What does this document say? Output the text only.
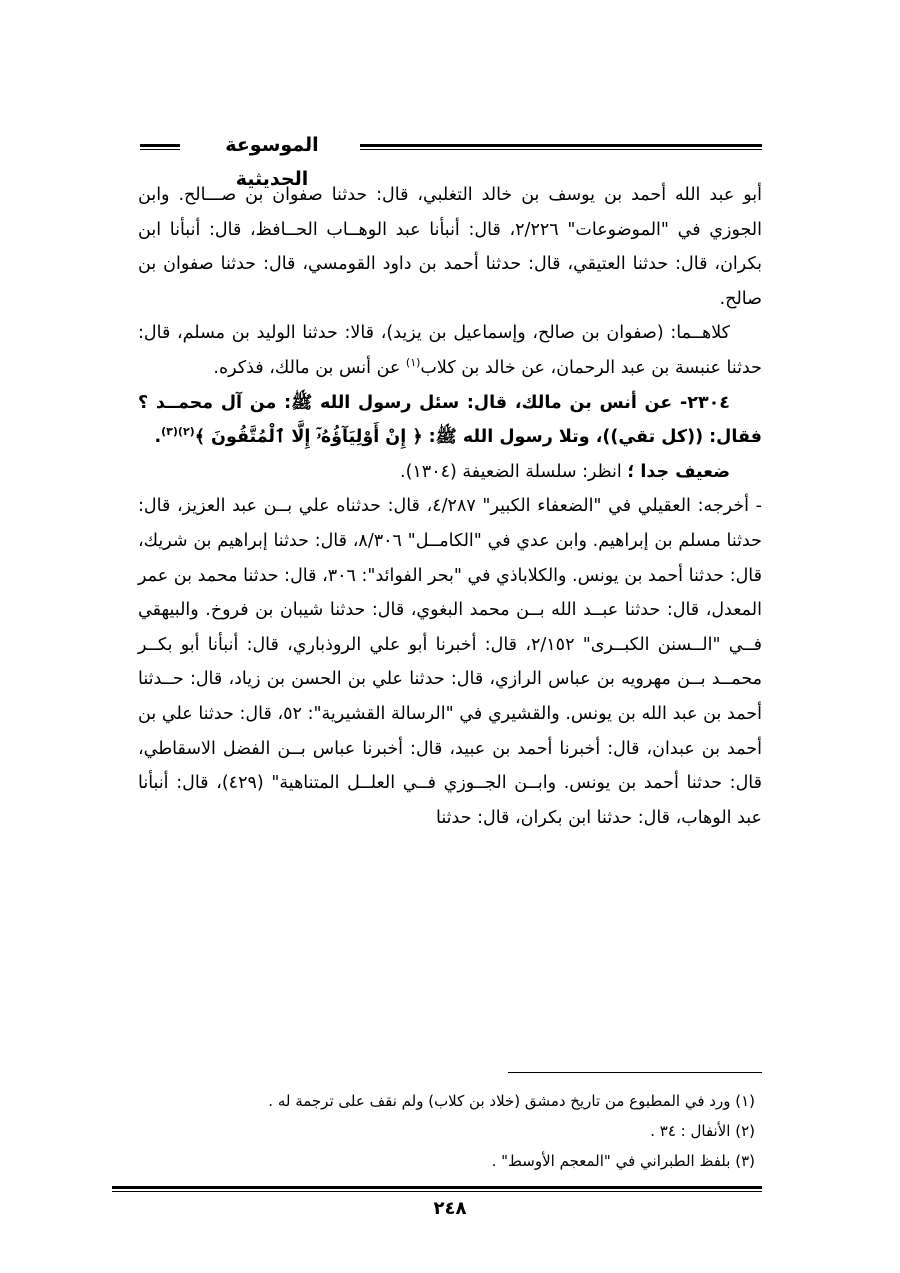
الموسوعة الحديثية

أبو عبد الله أحمد بن يوسف بن خالد التغلبي، قال: حدثنا صفوان بن صـــالح. وابن الجوزي في "الموضوعات" ٢/٢٢٦، قال: أنبأنا عبد الوهــاب الحــافظ، قال: أنبأنا ابن بكران، قال: حدثنا العتيقي، قال: حدثنا أحمد بن داود القومسي، قال: حدثنا صفوان بن صالح.

كلاهــما: (صفوان بن صالح، وإسماعيل بن يزيد)، قالا: حدثنا الوليد بن مسلم، قال: حدثنا عنبسة بن عبد الرحمان، عن خالد بن كلاب$^{(١)}$ عن أنس بن مالك، فذكره.

٢٣٠٤- عن أنس بن مالك، قال: سئل رسول الله ﷺ: من آل محمــد ؟ فقال: ((كل تقي))، وتلا رسول الله ﷺ: ﴿ إِنْ أَوْلِيَآؤُهُۥٓ إِلَّا ٱلْمُتَّقُونَ ﴾$^{(٢)(٣)}$.

ضعيف جدا ؛ انظر: سلسلة الضعيفة (١٣٠٤).

- أخرجه: العقيلي في "الضعفاء الكبير" ٤/٢٨٧، قال: حدثناه علي بــن عبد العزيز، قال: حدثنا مسلم بن إبراهيم. وابن عدي في "الكامــل" ٨/٣٠٦، قال: حدثنا إبراهيم بن شريك، قال: حدثنا أحمد بن يونس. والكلاباذي في "بحر الفوائد": ٣٠٦، قال: حدثنا محمد بن عمر المعدل، قال: حدثنا عبــد الله بــن محمد البغوي، قال: حدثنا شيبان بن فروخ. والبيهقي فــي "الــسنن الكبــرى" ٢/١٥٢، قال: أخبرنا أبو علي الروذباري، قال: أنبأنا أبو بكــر محمــد بــن مهرويه بن عباس الرازي، قال: حدثنا علي بن الحسن بن زياد، قال: حــدثنا أحمد بن عبد الله بن يونس. والقشيري في "الرسالة القشيرية": ٥٢، قال: حدثنا علي بن أحمد بن عبدان، قال: أخبرنا أحمد بن عبيد، قال: أخبرنا عباس بــن الفضل الاسقاطي، قال: حدثنا أحمد بن يونس. وابــن الجــوزي فــي العلــل المتناهية" (٤٢٩)، قال: أنبأنا عبد الوهاب، قال: حدثنا ابن بكران، قال: حدثنا

(١) ورد في المطبوع من تاريخ دمشق (خلاد بن كلاب) ولم نقف على ترجمة له .

(٢) الأنفال : ٣٤ .

(٣) بلفظ الطبراني في "المعجم الأوسط" .

٢٤٨
